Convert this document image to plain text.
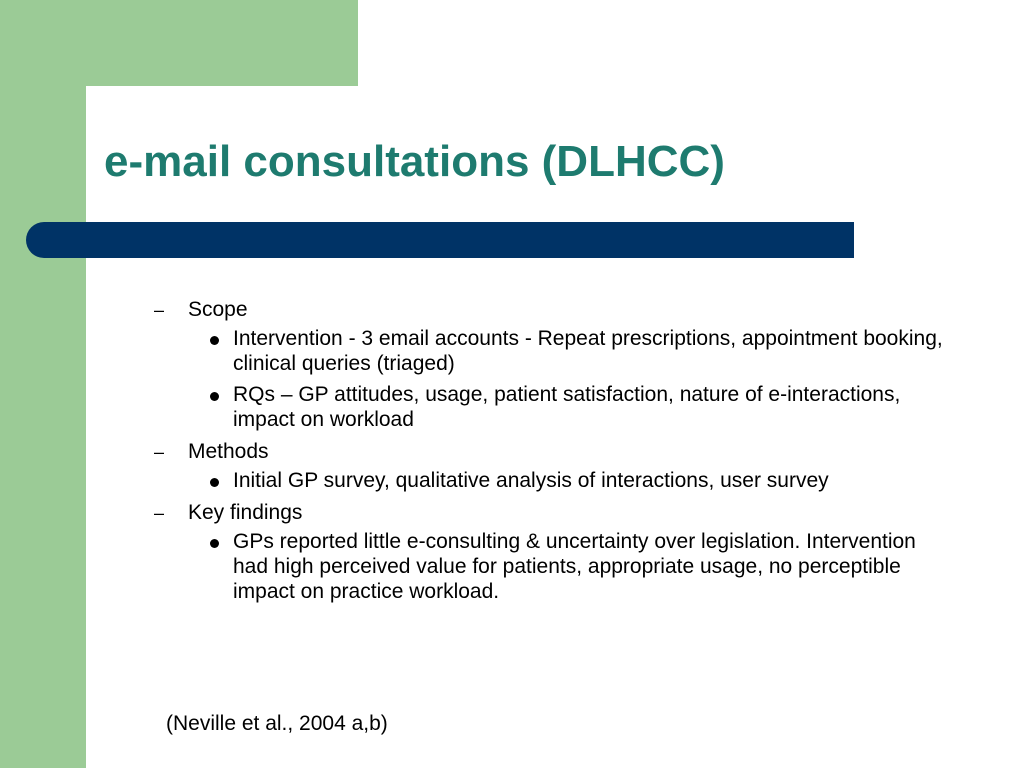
e-mail consultations (DLHCC)
– Scope
Intervention - 3 email accounts - Repeat prescriptions, appointment booking, clinical queries (triaged)
RQs – GP attitudes, usage, patient satisfaction, nature of e-interactions, impact on workload
– Methods
Initial GP survey, qualitative analysis of interactions, user survey
– Key findings
GPs reported little e-consulting & uncertainty over legislation. Intervention had high perceived value for patients, appropriate usage, no perceptible impact on practice workload.
(Neville et al., 2004 a,b)
